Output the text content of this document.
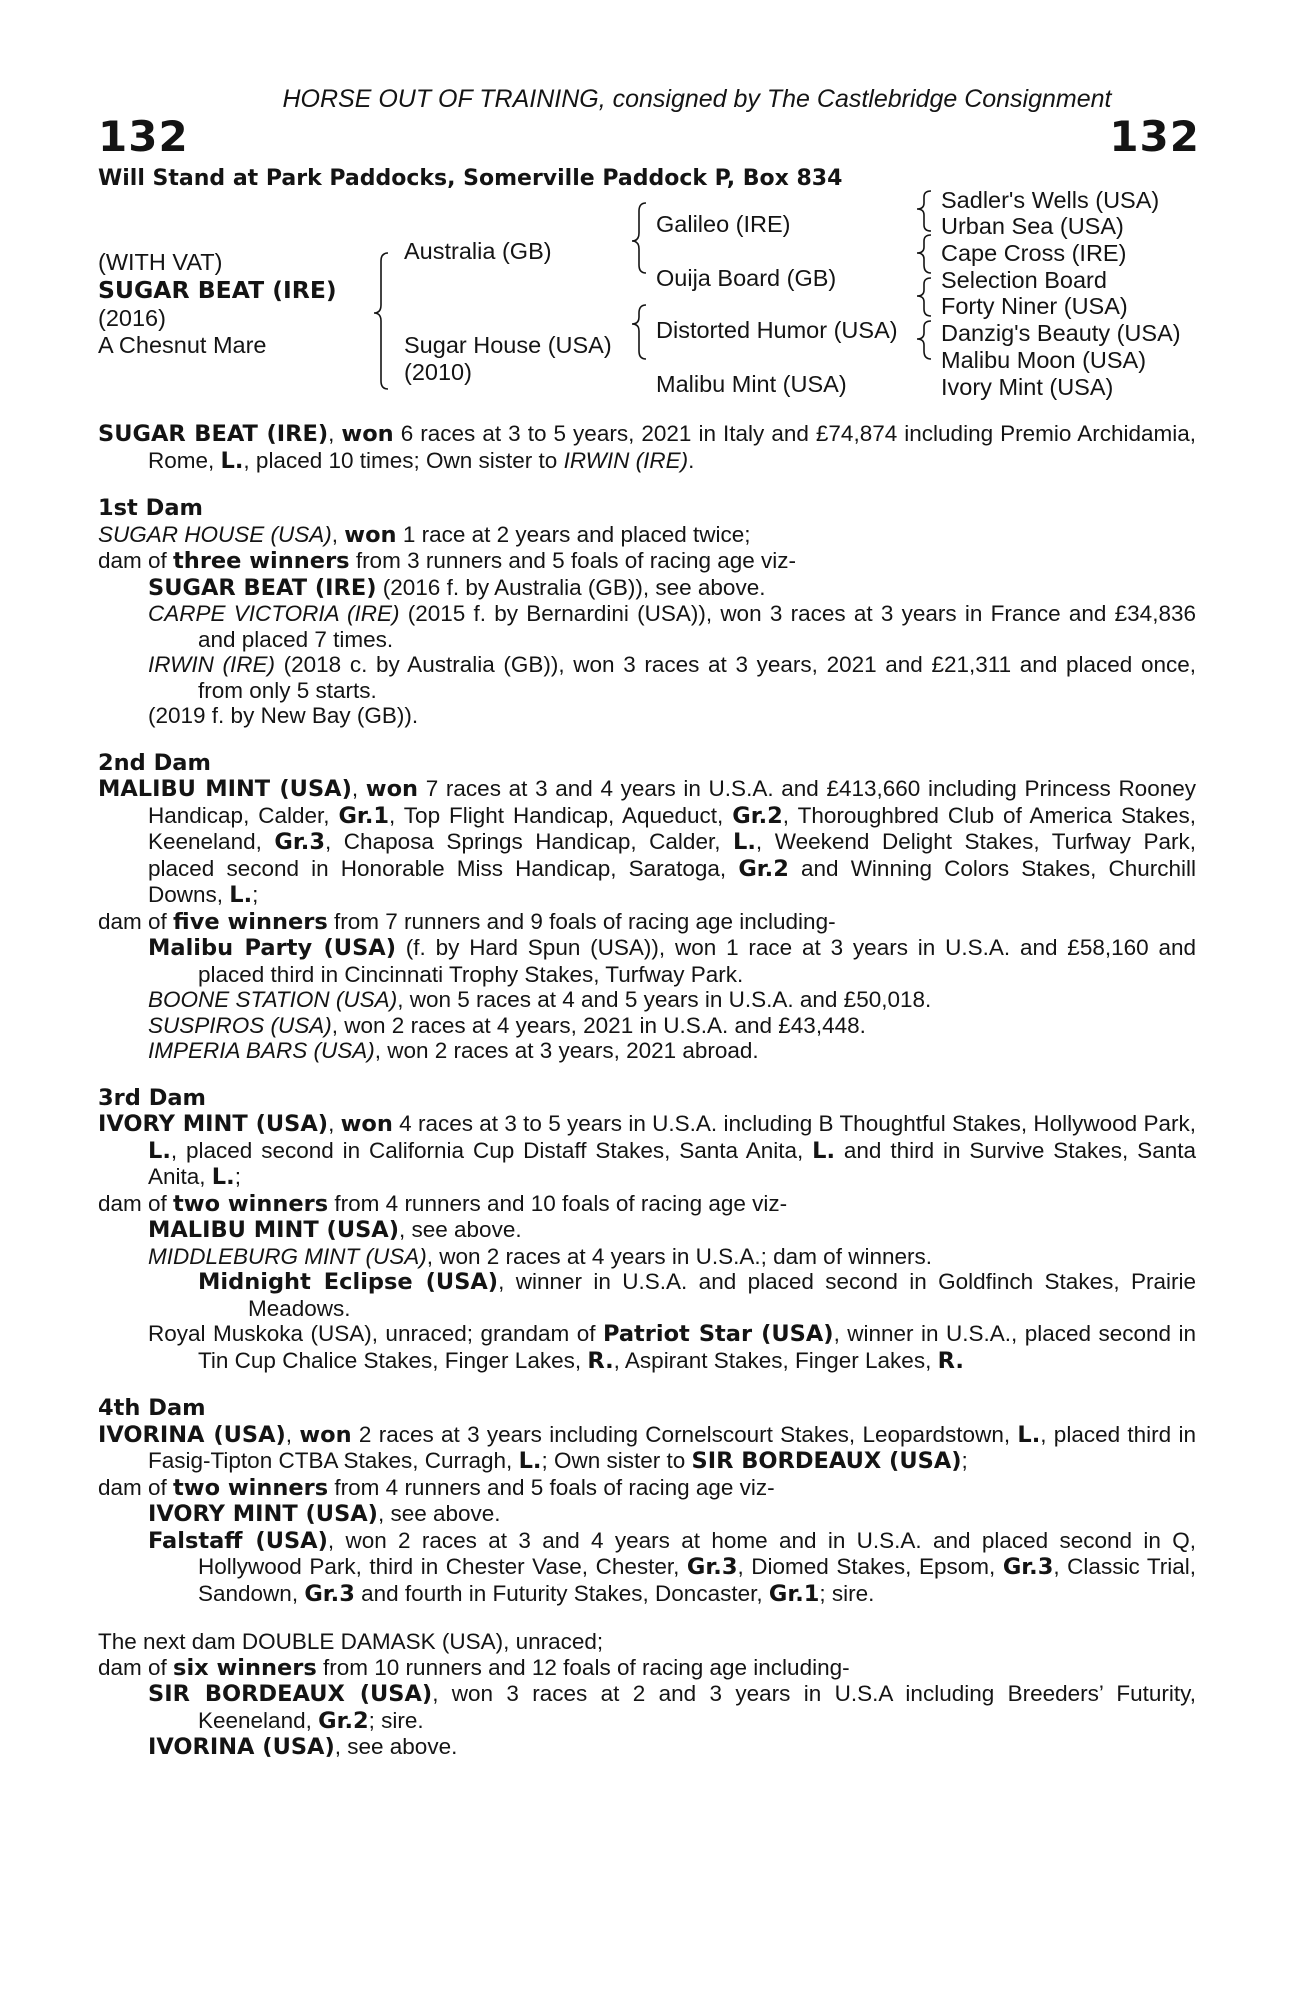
HORSE OUT OF TRAINING, consigned by The Castlebridge Consignment
132	132
Will Stand at Park Paddocks, Somerville Paddock P, Box 834
(WITH VAT)
SUGAR BEAT (IRE)
(2016)
A Chesnut Mare
Australia (GB)
Sugar House (USA)
(2010)
Galileo (IRE)
Ouija Board (GB)
Distorted Humor (USA)
Malibu Mint (USA)
Sadler's Wells (USA)
Urban Sea (USA)
Cape Cross (IRE)
Selection Board
Forty Niner (USA)
Danzig's Beauty (USA)
Malibu Moon (USA)
Ivory Mint (USA)
SUGAR BEAT (IRE), won 6 races at 3 to 5 years, 2021 in Italy and £74,874 including Premio Archidamia, Rome, L., placed 10 times; Own sister to IRWIN (IRE).
1st Dam
SUGAR HOUSE (USA), won 1 race at 2 years and placed twice;
dam of three winners from 3 runners and 5 foals of racing age viz-
SUGAR BEAT (IRE) (2016 f. by Australia (GB)), see above.
CARPE VICTORIA (IRE) (2015 f. by Bernardini (USA)), won 3 races at 3 years in France and £34,836 and placed 7 times.
IRWIN (IRE) (2018 c. by Australia (GB)), won 3 races at 3 years, 2021 and £21,311 and placed once, from only 5 starts.
(2019 f. by New Bay (GB)).
2nd Dam
MALIBU MINT (USA), won 7 races at 3 and 4 years in U.S.A. and £413,660 including Princess Rooney Handicap, Calder, Gr.1, Top Flight Handicap, Aqueduct, Gr.2, Thoroughbred Club of America Stakes, Keeneland, Gr.3, Chaposa Springs Handicap, Calder, L., Weekend Delight Stakes, Turfway Park, placed second in Honorable Miss Handicap, Saratoga, Gr.2 and Winning Colors Stakes, Churchill Downs, L.;
dam of five winners from 7 runners and 9 foals of racing age including-
Malibu Party (USA) (f. by Hard Spun (USA)), won 1 race at 3 years in U.S.A. and £58,160 and placed third in Cincinnati Trophy Stakes, Turfway Park.
BOONE STATION (USA), won 5 races at 4 and 5 years in U.S.A. and £50,018.
SUSPIROS (USA), won 2 races at 4 years, 2021 in U.S.A. and £43,448.
IMPERIA BARS (USA), won 2 races at 3 years, 2021 abroad.
3rd Dam
IVORY MINT (USA), won 4 races at 3 to 5 years in U.S.A. including B Thoughtful Stakes, Hollywood Park, L., placed second in California Cup Distaff Stakes, Santa Anita, L. and third in Survive Stakes, Santa Anita, L.;
dam of two winners from 4 runners and 10 foals of racing age viz-
MALIBU MINT (USA), see above.
MIDDLEBURG MINT (USA), won 2 races at 4 years in U.S.A.; dam of winners.
Midnight Eclipse (USA), winner in U.S.A. and placed second in Goldfinch Stakes, Prairie Meadows.
Royal Muskoka (USA), unraced; grandam of Patriot Star (USA), winner in U.S.A., placed second in Tin Cup Chalice Stakes, Finger Lakes, R., Aspirant Stakes, Finger Lakes, R.
4th Dam
IVORINA (USA), won 2 races at 3 years including Cornelscourt Stakes, Leopardstown, L., placed third in Fasig-Tipton CTBA Stakes, Curragh, L.; Own sister to SIR BORDEAUX (USA);
dam of two winners from 4 runners and 5 foals of racing age viz-
IVORY MINT (USA), see above.
Falstaff (USA), won 2 races at 3 and 4 years at home and in U.S.A. and placed second in Q, Hollywood Park, third in Chester Vase, Chester, Gr.3, Diomed Stakes, Epsom, Gr.3, Classic Trial, Sandown, Gr.3 and fourth in Futurity Stakes, Doncaster, Gr.1; sire.
The next dam DOUBLE DAMASK (USA), unraced;
dam of six winners from 10 runners and 12 foals of racing age including-
SIR BORDEAUX (USA), won 3 races at 2 and 3 years in U.S.A including Breeders’ Futurity, Keeneland, Gr.2; sire.
IVORINA (USA), see above.
